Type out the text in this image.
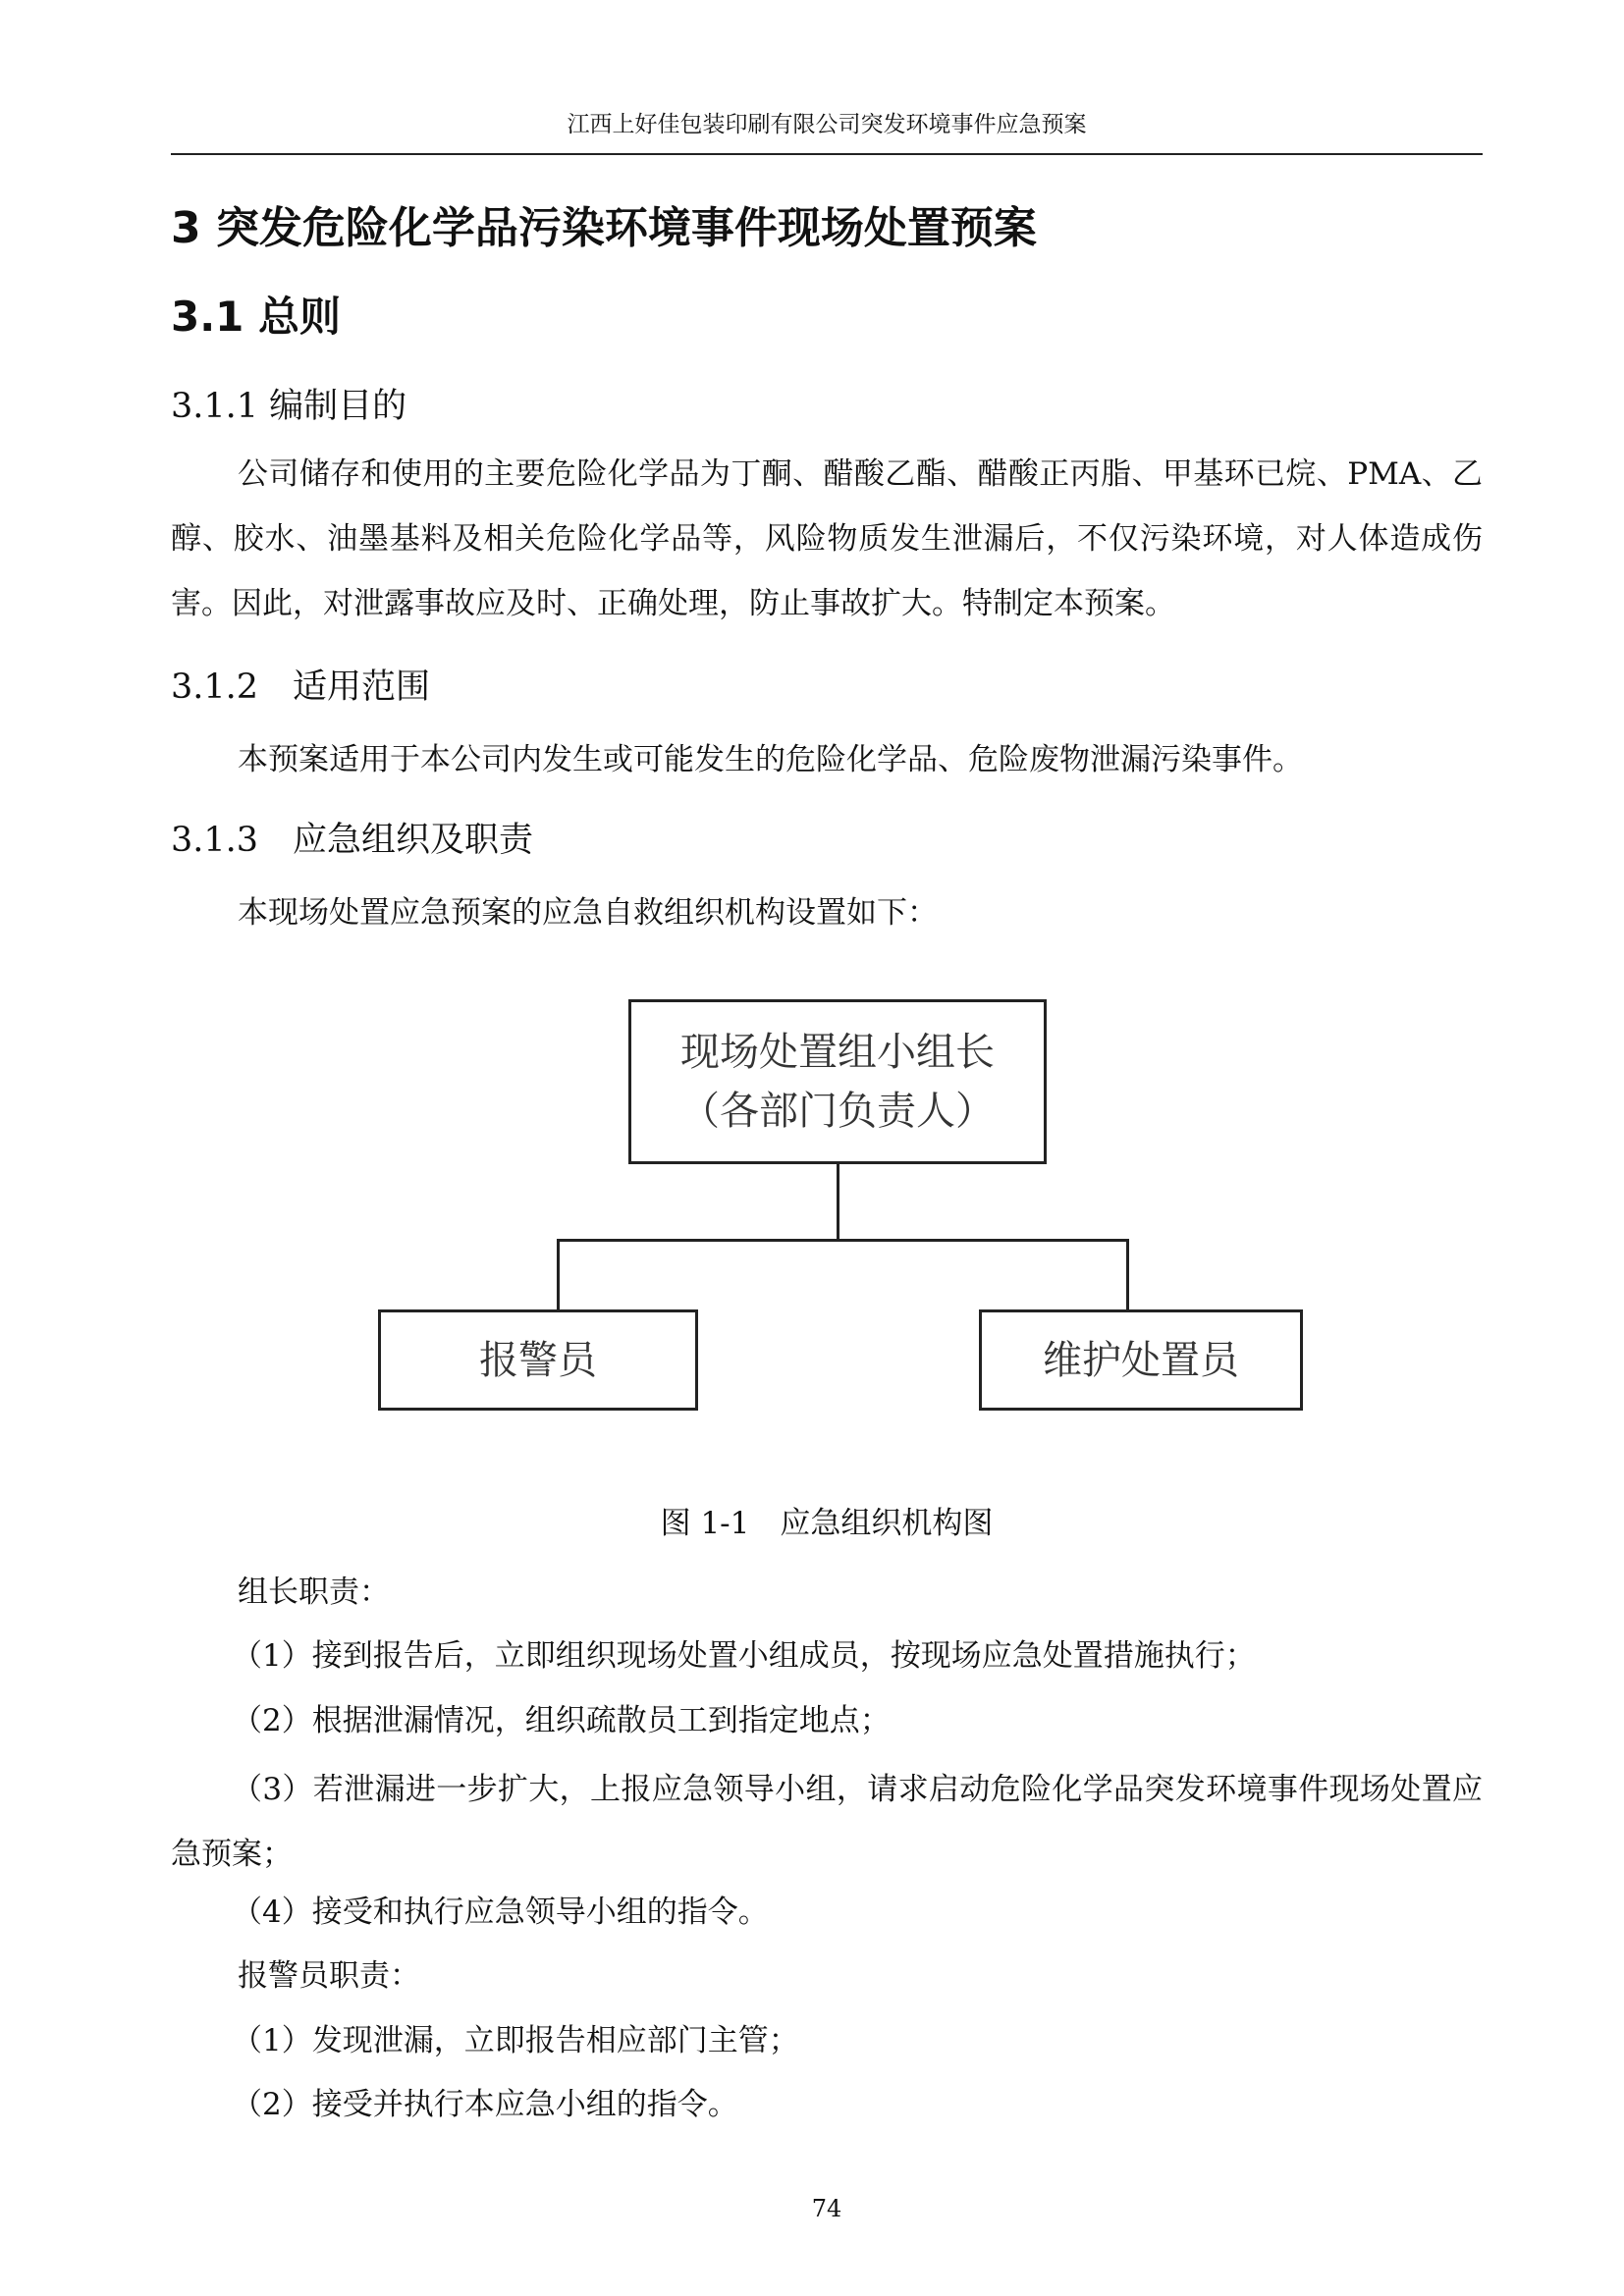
江西上好佳包装印刷有限公司突发环境事件应急预案
3 突发危险化学品污染环境事件现场处置预案
3.1 总则
3.1.1 编制目的
公司储存和使用的主要危险化学品为丁酮、醋酸乙酯、醋酸正丙脂、甲基环已烷、PMA、乙醇、胶水、油墨基料及相关危险化学品等，风险物质发生泄漏后，不仅污染环境，对人体造成伤害。因此，对泄露事故应及时、正确处理，防止事故扩大。特制定本预案。
3.1.2　适用范围
本预案适用于本公司内发生或可能发生的危险化学品、危险废物泄漏污染事件。
3.1.3　应急组织及职责
本现场处置应急预案的应急自救组织机构设置如下：
现场处置组小组长
（各部门负责人）
报警员	维护处置员
图 1-1　应急组织机构图
组长职责：
（1）接到报告后，立即组织现场处置小组成员，按现场应急处置措施执行；
（2）根据泄漏情况，组织疏散员工到指定地点；
（3）若泄漏进一步扩大，上报应急领导小组，请求启动危险化学品突发环境事件现场处置应急预案；
（4）接受和执行应急领导小组的指令。
报警员职责：
（1）发现泄漏，立即报告相应部门主管；
（2）接受并执行本应急小组的指令。
74
